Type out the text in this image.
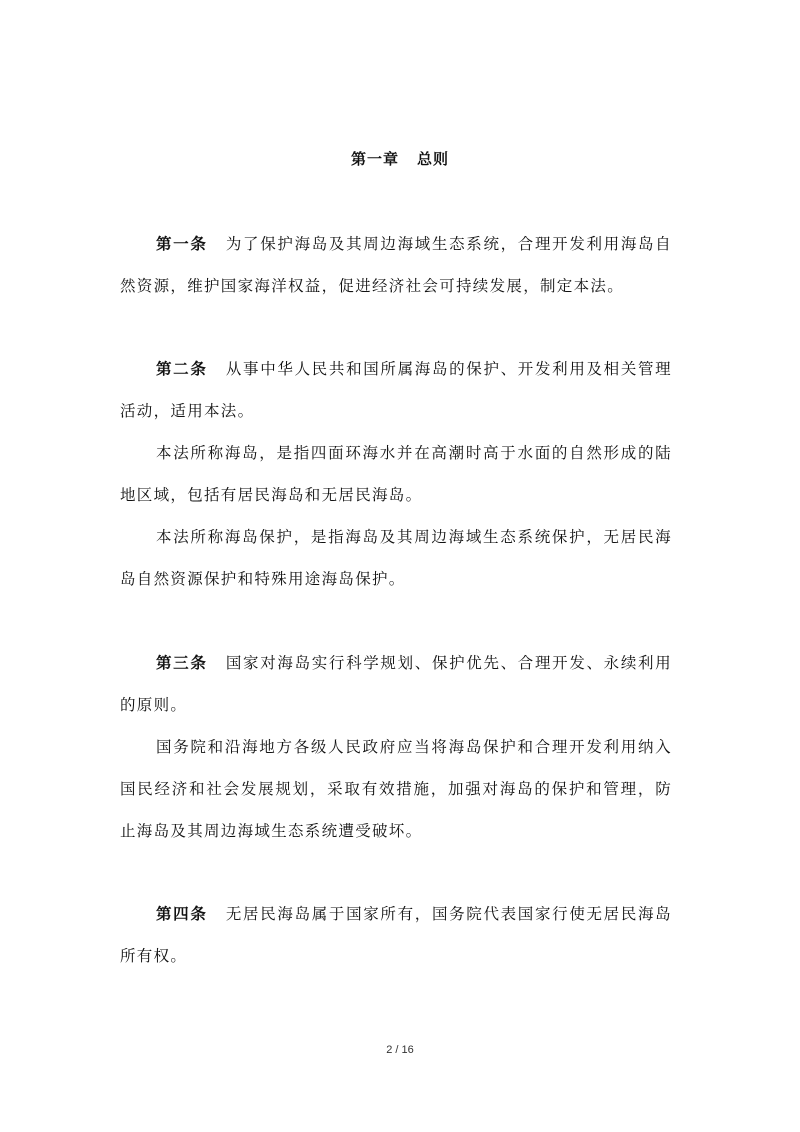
第一章 总则
第一条 为了保护海岛及其周边海域生态系统，合理开发利用海岛自然资源，维护国家海洋权益，促进经济社会可持续发展，制定本法。
第二条 从事中华人民共和国所属海岛的保护、开发利用及相关管理活动，适用本法。
本法所称海岛，是指四面环海水并在高潮时高于水面的自然形成的陆地区域，包括有居民海岛和无居民海岛。
本法所称海岛保护，是指海岛及其周边海域生态系统保护，无居民海岛自然资源保护和特殊用途海岛保护。
第三条 国家对海岛实行科学规划、保护优先、合理开发、永续利用的原则。
国务院和沿海地方各级人民政府应当将海岛保护和合理开发利用纳入国民经济和社会发展规划，采取有效措施，加强对海岛的保护和管理，防止海岛及其周边海域生态系统遭受破坏。
第四条 无居民海岛属于国家所有，国务院代表国家行使无居民海岛所有权。
2 / 16
